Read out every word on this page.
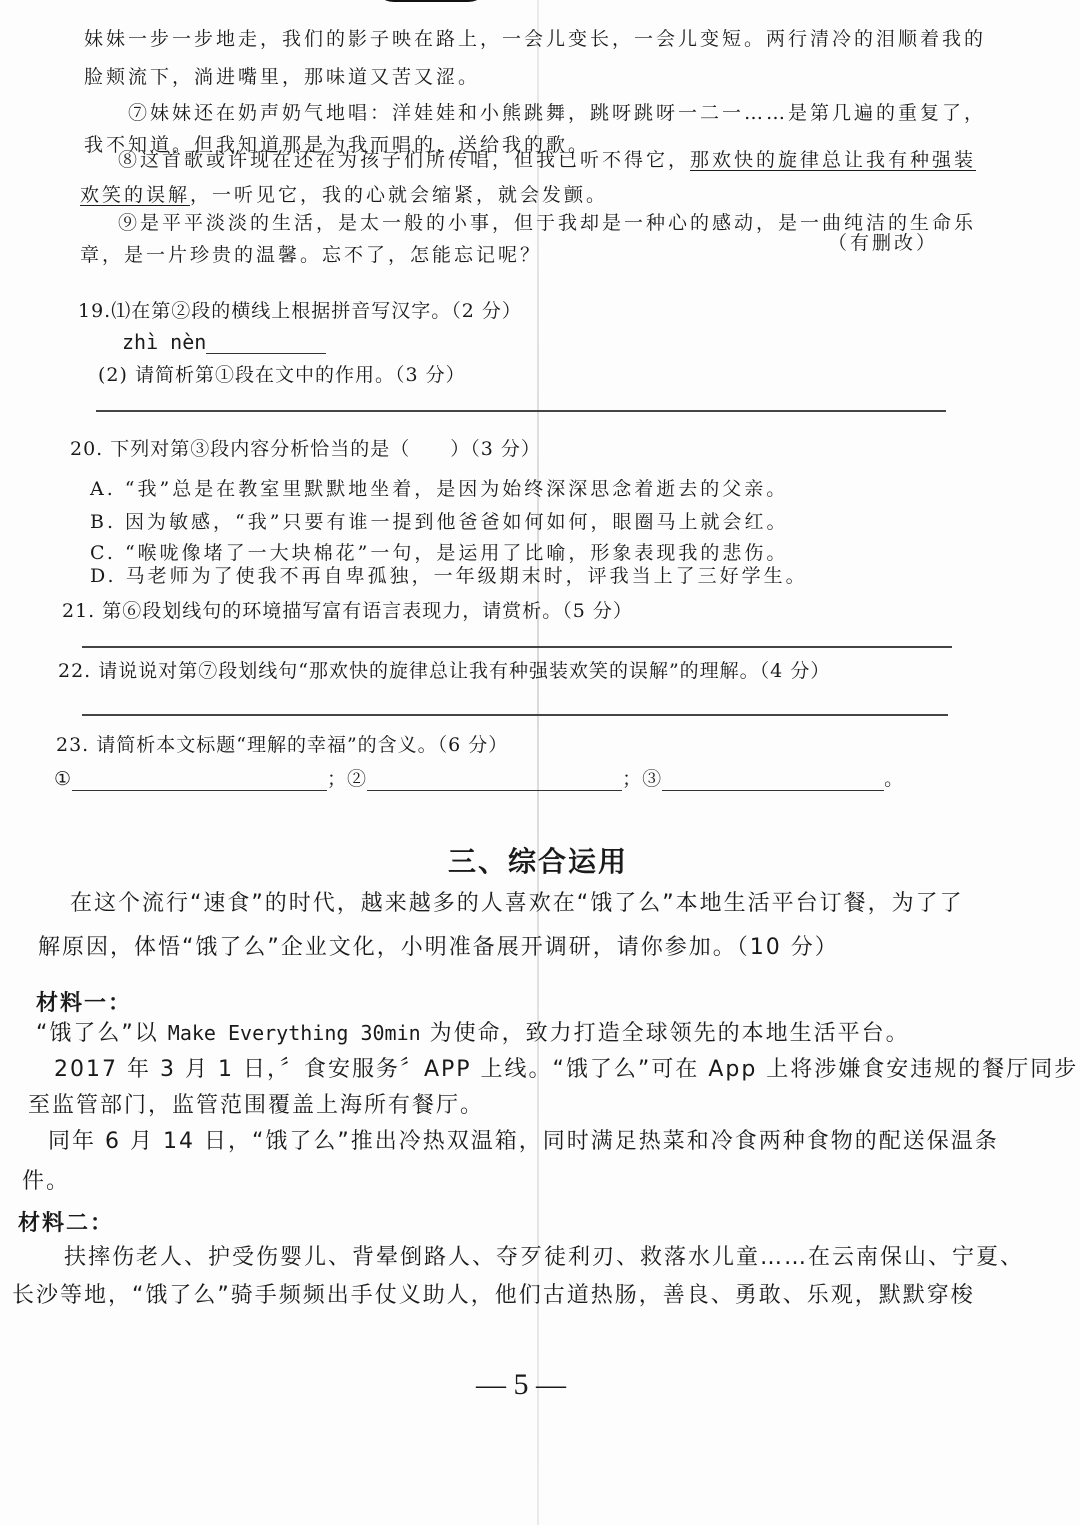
妹妹一步一步地走，我们的影子映在路上，一会儿变长，一会儿变短。两行清冷的泪顺着我的
脸颊流下，淌进嘴里，那味道又苦又涩。
⑦妹妹还在奶声奶气地唱：洋娃娃和小熊跳舞，跳呀跳呀一二一……是第几遍的重复了，
我不知道。但我知道那是为我而唱的，送给我的歌。
⑧这首歌或许现在还在为孩子们所传唱，但我已听不得它，那欢快的旋律总让我有种强装
欢笑的误解，一听见它，我的心就会缩紧，就会发颤。
⑨是平平淡淡的生活，是太一般的小事，但于我却是一种心的感动，是一曲纯洁的生命乐
章，是一片珍贵的温馨。忘不了，怎能忘记呢？
（有删改）
19.⑴在第②段的横线上根据拼音写汉字。（2 分）
zhì nèn
(2) 请简析第①段在文中的作用。（3 分）
20. 下列对第③段内容分析恰当的是（　　）（3 分）
A. “我”总是在教室里默默地坐着，是因为始终深深思念着逝去的父亲。
B. 因为敏感，“我”只要有谁一提到他爸爸如何如何，眼圈马上就会红。
C. “喉咙像堵了一大块棉花”一句，是运用了比喻，形象表现我的悲伤。
D. 马老师为了使我不再自卑孤独，一年级期末时，评我当上了三好学生。
21. 第⑥段划线句的环境描写富有语言表现力，请赏析。（5 分）
22. 请说说对第⑦段划线句“那欢快的旋律总让我有种强装欢笑的误解”的理解。（4 分）
23. 请简析本文标题“理解的幸福”的含义。（6 分）
①	；②	；③	。
三、综合运用
在这个流行“速食”的时代，越来越多的人喜欢在“饿了么”本地生活平台订餐，为了了
解原因，体悟“饿了么”企业文化，小明准备展开调研，请你参加。（10 分）
材料一：
“饿了么”以 Make Everything 30min 为使命，致力打造全球领先的本地生活平台。
2017 年 3 月 1 日，〞食安服务〞APP 上线。“饿了么”可在 App 上将涉嫌食安违规的餐厅同步
至监管部门，监管范围覆盖上海所有餐厅。
同年 6 月 14 日，“饿了么”推出冷热双温箱，同时满足热菜和冷食两种食物的配送保温条
件。
材料二：
扶摔伤老人、护受伤婴儿、背晕倒路人、夺歹徒利刃、救落水儿童……在云南保山、宁夏、
长沙等地，“饿了么”骑手频频出手仗义助人，他们古道热肠，善良、勇敢、乐观，默默穿梭
— 5 —
